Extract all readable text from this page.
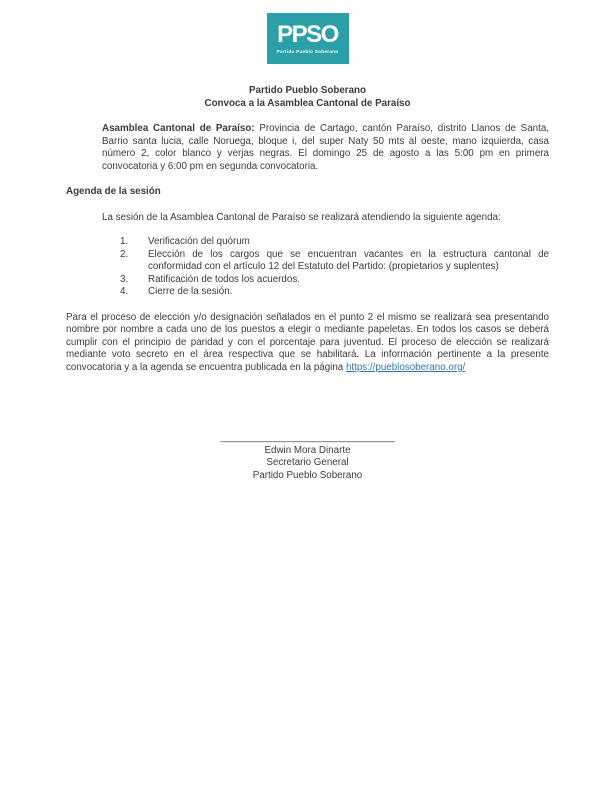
PPSO
Partido Pueblo Soberano
Partido Pueblo Soberano
Convoca a la Asamblea Cantonal de Paraíso

Asamblea Cantonal de Paraíso: Provincia de Cartago, cantón Paraíso, distrito Llanos de Santa, Barrio santa lucia, calle Noruega, bloque i, del super Naty 50 mts al oeste, mano izquierda, casa número 2, color blanco y verjas negras. El domingo 25 de agosto a las 5:00 pm en primera convocatoria y 6:00 pm en segunda convocatoria.

Agenda de la sesión
La sesión de la Asamblea Cantonal de Paraíso se realizará atendiendo la siguiente agenda:
1.	Verificación del quórum
2.	Elección de los cargos que se encuentran vacantes en la estructura cantonal de conformidad con el artículo 12 del Estatuto del Partido: (propietarios y suplentes)
3.	Ratificación de todos los acuerdos.
4.	Cierre de la sesión.

Para el proceso de elección y/o designación señalados en el punto 2 el mismo se realizará sea presentando nombre por nombre a cada uno de los puestos a elegir o mediante papeletas. En todos los casos se deberá cumplir con el principio de paridad y con el porcentaje para juventud. El proceso de elección se realizará mediante voto secreto en el área respectiva que se habilitará. La información pertinente a la presente convocatoria y a la agenda se encuentra publicada en la página https://pueblosoberano.org/

________________________________
Edwin Mora Dinarte
Secretario General
Partido Pueblo Soberano
